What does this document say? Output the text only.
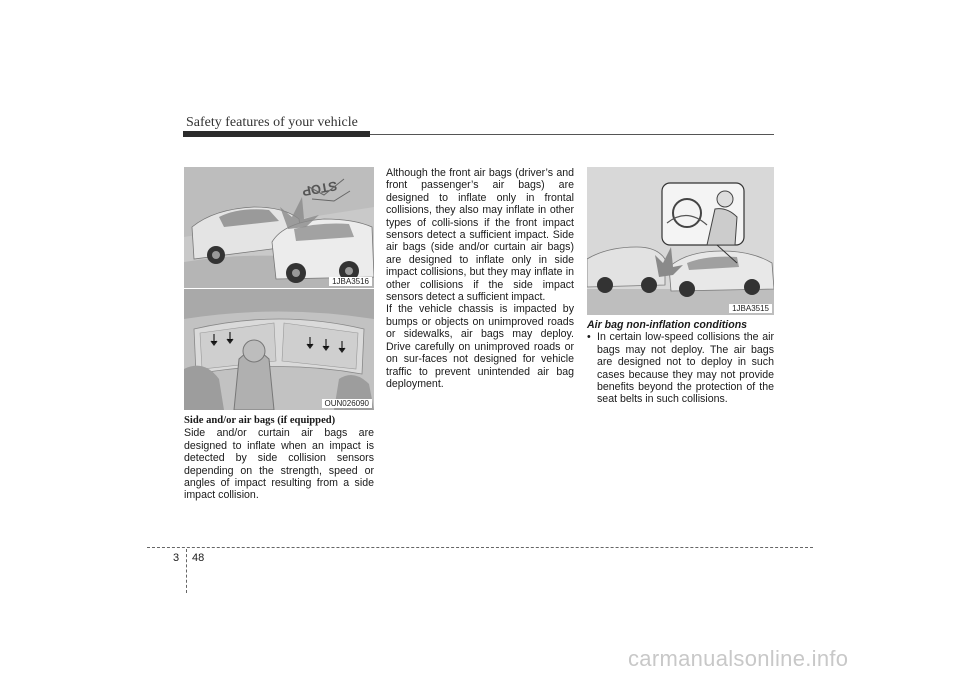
Safety features of your vehicle
STOP
1JBA3516
OUN026090
1JBA3515

Side and/or air bags (if equipped)

Side and/or curtain air bags are designed to inflate when an impact is detected by side collision sensors depending on the strength, speed or angles of impact resulting from a side impact collision.

Although the front air bags (driver’s and front passenger’s air bags) are designed to inflate only in frontal collisions, they also may inflate in other types of colli-sions if the front impact sensors detect a sufficient impact. Side air bags (side and/or curtain air bags) are designed to inflate only in side impact collisions, but they may inflate in other collisions if the side impact sensors detect a sufficient impact.

If the vehicle chassis is impacted by bumps or objects on unimproved roads or sidewalks, air bags may deploy. Drive carefully on unimproved roads or on sur-faces not designed for vehicle traffic to prevent unintended air bag deployment.

Air bag non-inflation conditions

• In certain low-speed collisions the air bags may not deploy. The air bags are designed not to deploy in such cases because they may not provide benefits beyond the protection of the seat belts in such collisions.
3 48
carmanualsonline.info
